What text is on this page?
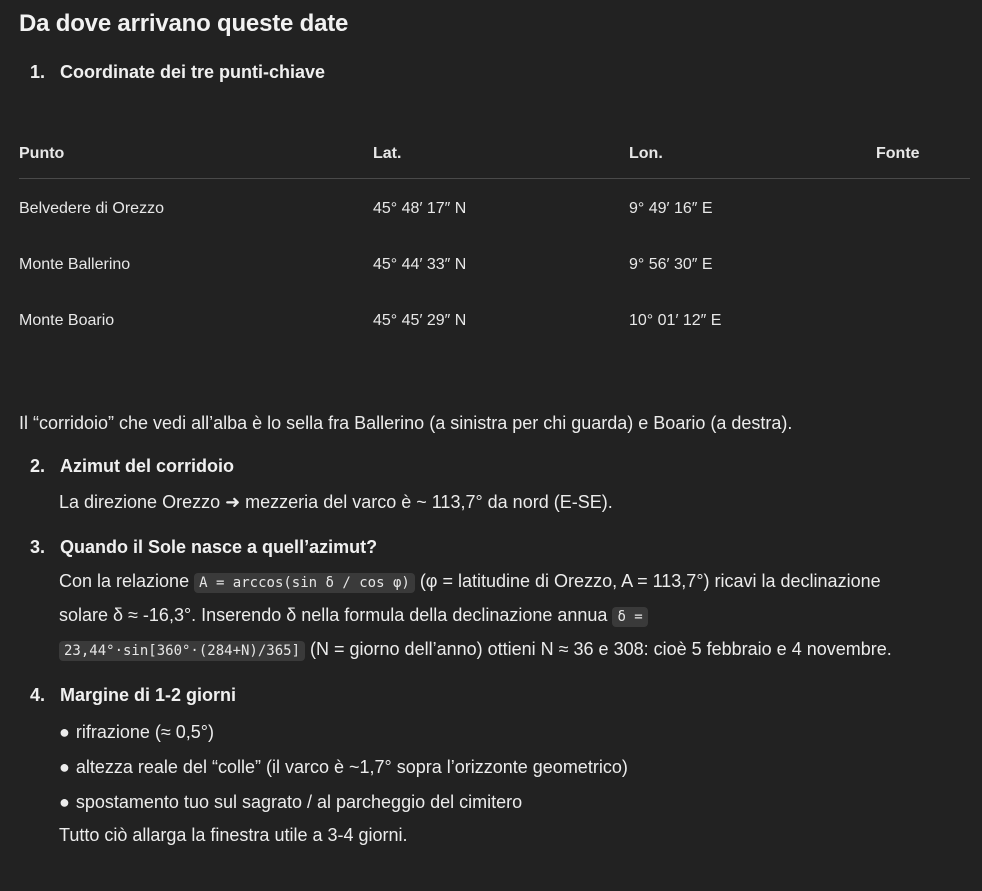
Da dove arrivano queste date
1. Coordinate dei tre punti-chiave
Punto	Lat.	Lon.	Fonte
Belvedere di Orezzo	45° 48′ 17″ N	9° 49′ 16″ E	
Monte Ballerino	45° 44′ 33″ N	9° 56′ 30″ E	
Monte Boario	45° 45′ 29″ N	10° 01′ 12″ E	
Il “corridoio” che vedi all’alba è lo sella fra Ballerino (a sinistra per chi guarda) e Boario (a destra).
2. Azimut del corridoio
La direzione Orezzo ➜ mezzeria del varco è ~ 113,7° da nord (E-SE).
3. Quando il Sole nasce a quell’azimut?
Con la relazione A = arccos(sin δ / cos φ) (φ = latitudine di Orezzo, A = 113,7°) ricavi la declinazione
solare δ ≈ -16,3°. Inserendo δ nella formula della declinazione annua δ =
23,44°·sin[360°·(284+N)/365] (N = giorno dell’anno) ottieni N ≈ 36 e 308: cioè 5 febbraio e 4 novembre.
4. Margine di 1-2 giorni
● rifrazione (≈ 0,5°)
● altezza reale del “colle” (il varco è ~1,7° sopra l’orizzonte geometrico)
● spostamento tuo sul sagrato / al parcheggio del cimitero
Tutto ciò allarga la finestra utile a 3-4 giorni.
